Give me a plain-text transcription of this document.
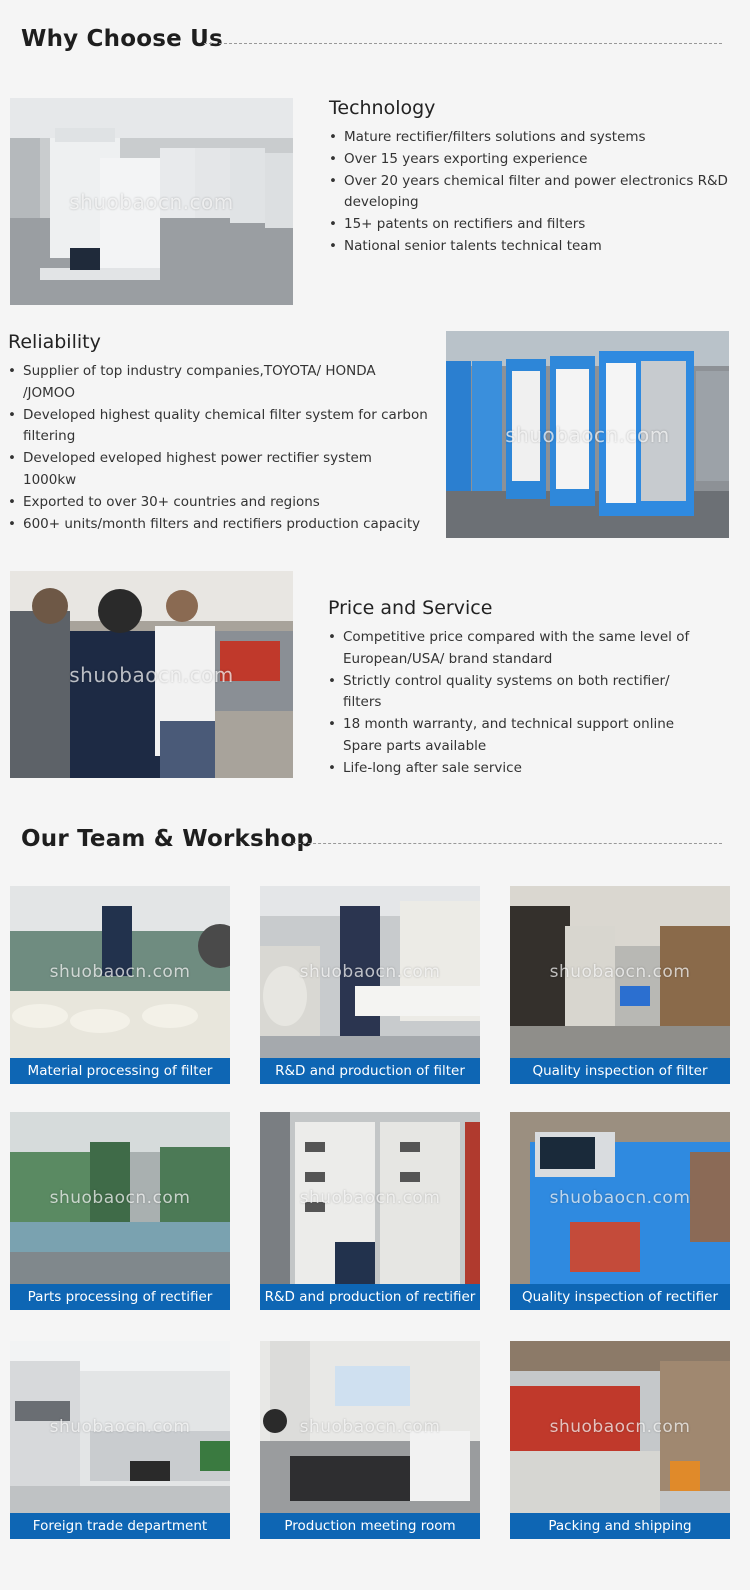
Why Choose Us
shuobaocn.com
Technology
• Mature rectifier/filters solutions and systems
• Over 15 years exporting experience
• Over 20 years chemical filter and power electronics R&D developing
• 15+ patents on rectifiers and filters
• National senior talents technical team
Reliability
• Supplier of top industry companies,TOYOTA/ HONDA /JOMOO
• Developed highest quality chemical filter system for carbon filtering
• Developed eveloped highest power rectifier system 1000kw
• Exported to over 30+ countries and regions
• 600+ units/month filters and rectifiers production capacity
shuobaocn.com
shuobaocn.com
Price and Service
• Competitive price compared with the same level of European/USA/ brand standard
• Strictly control quality systems on both rectifier/ filters
• 18 month warranty, and technical support online Spare parts available
• Life-long after sale service
Our Team & Workshop
shuobaocn.com
Material processing of filter
shuobaocn.com
R&D and production of filter
shuobaocn.com
Quality inspection of filter
shuobaocn.com
Parts processing of rectifier
shuobaocn.com
R&D and production of rectifier
shuobaocn.com
Quality inspection of rectifier
shuobaocn.com
Foreign trade department
shuobaocn.com
Production meeting room
shuobaocn.com
Packing and shipping
